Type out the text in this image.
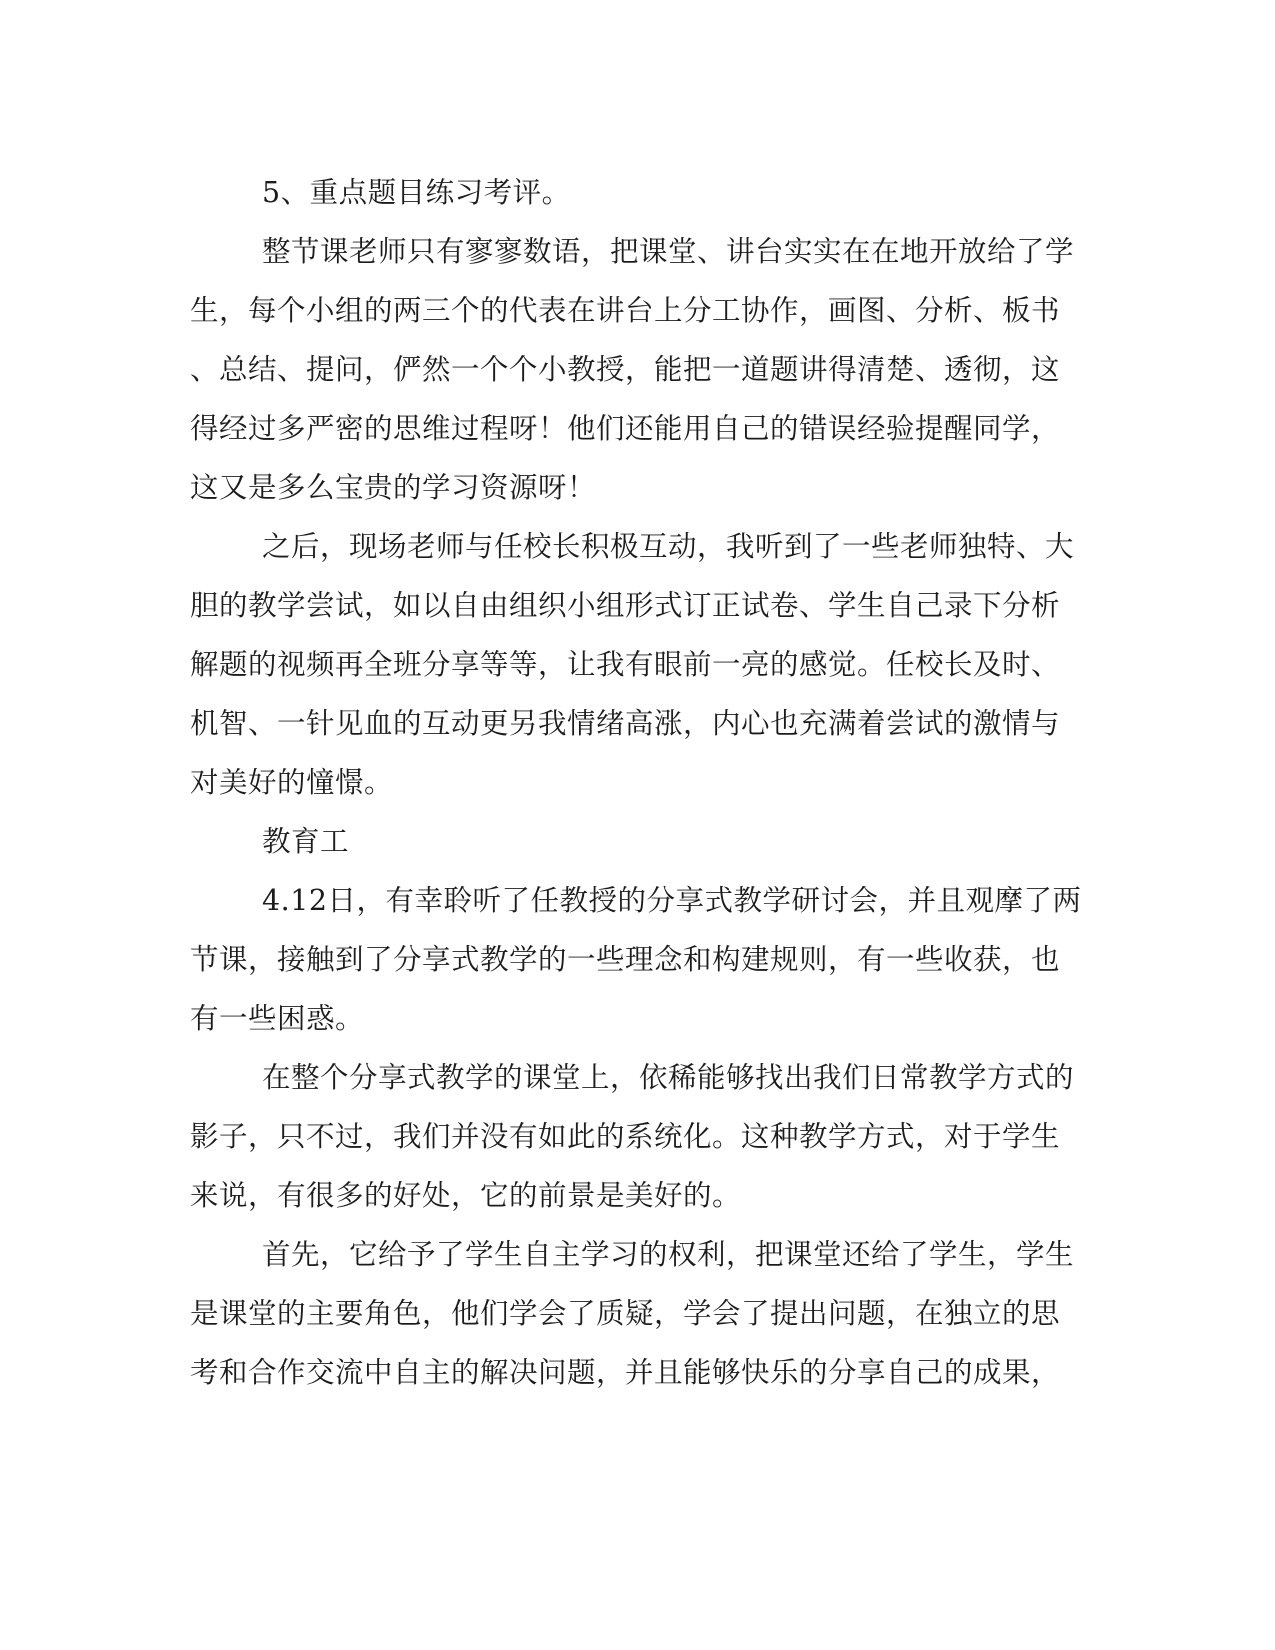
5、重点题目练习考评。
整节课老师只有寥寥数语，把课堂、讲台实实在在地开放给了学
生，每个小组的两三个的代表在讲台上分工协作，画图、分析、板书
、总结、提问，俨然一个个小教授，能把一道题讲得清楚、透彻，这
得经过多严密的思维过程呀！他们还能用自己的错误经验提醒同学，
这又是多么宝贵的学习资源呀！
之后，现场老师与任校长积极互动，我听到了一些老师独特、大
胆的教学尝试，如以自由组织小组形式订正试卷、学生自己录下分析
解题的视频再全班分享等等，让我有眼前一亮的感觉。任校长及时、
机智、一针见血的互动更另我情绪高涨，内心也充满着尝试的激情与
对美好的憧憬。
教育工
4.12日，有幸聆听了任教授的分享式教学研讨会，并且观摩了两
节课，接触到了分享式教学的一些理念和构建规则，有一些收获，也
有一些困惑。
在整个分享式教学的课堂上，依稀能够找出我们日常教学方式的
影子，只不过，我们并没有如此的系统化。这种教学方式，对于学生
来说，有很多的好处，它的前景是美好的。
首先，它给予了学生自主学习的权利，把课堂还给了学生，学生
是课堂的主要角色，他们学会了质疑，学会了提出问题，在独立的思
考和合作交流中自主的解决问题，并且能够快乐的分享自己的成果，
